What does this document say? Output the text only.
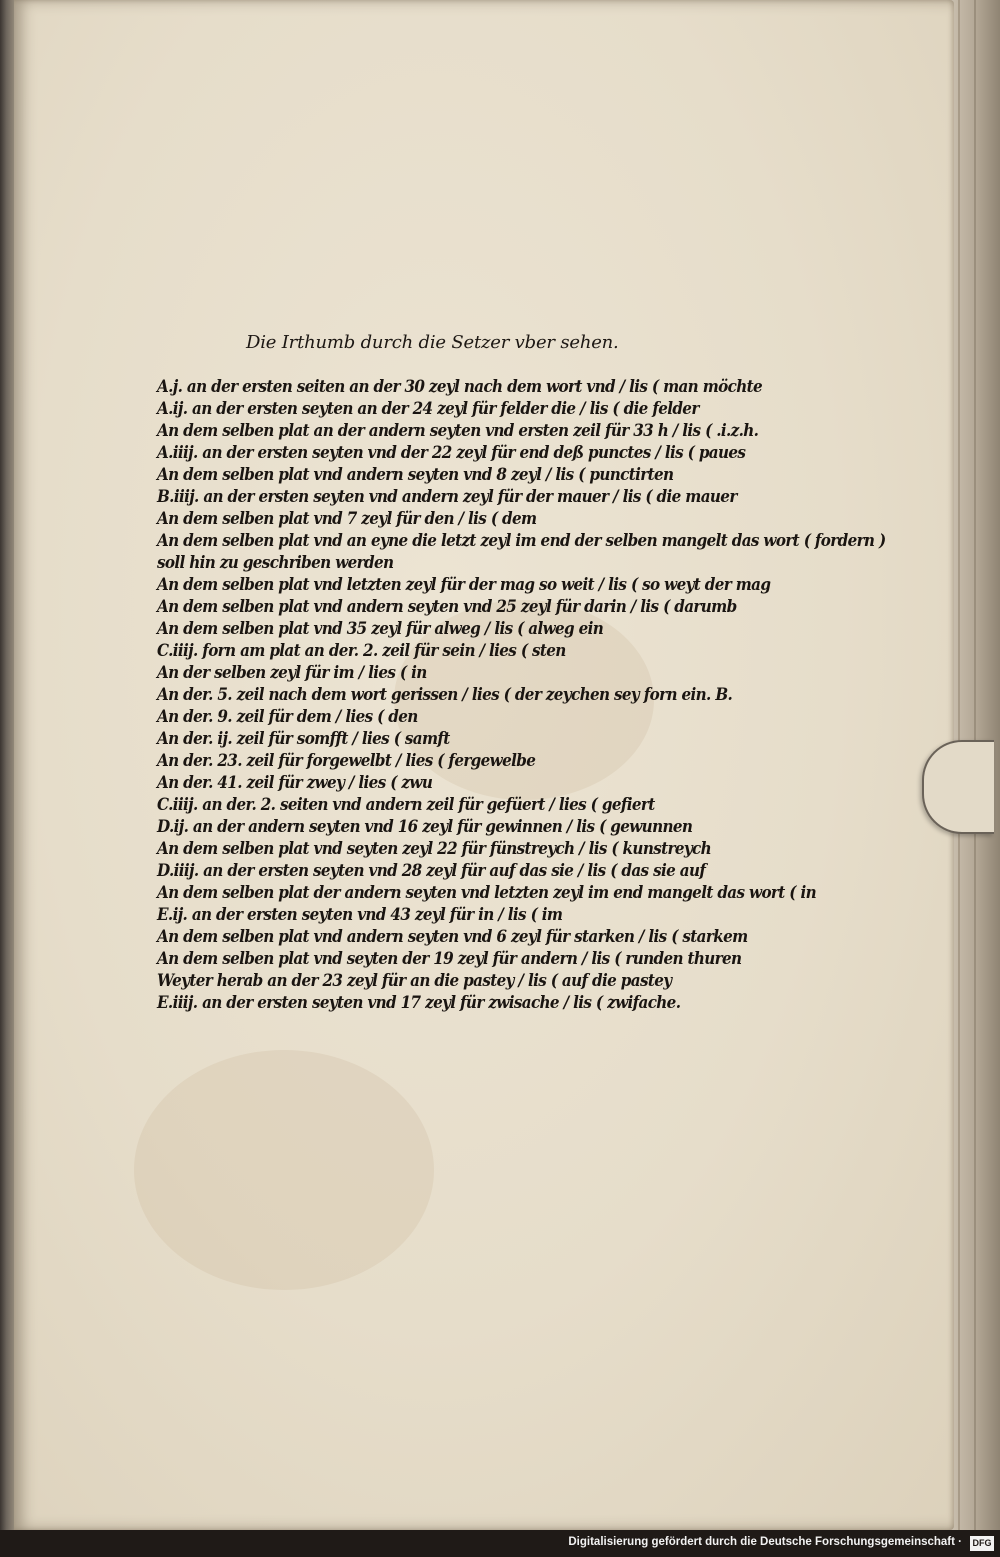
Die Irthumb durch die Setzer vber sehen.
A.j. an der ersten seiten an der 30 zeyl nach dem wort vnd / lis ( man möchte
A.ij. an der ersten seyten an der 24 zeyl für felder die / lis ( die felder
An dem selben plat an der andern seyten vnd ersten zeil für 33 h / lis ( .i.z.h.
A.iiij. an der ersten seyten vnd der 22 zeyl für end deß punctes / lis ( paues
An dem selben plat vnd andern seyten vnd 8 zeyl / lis ( punctirten
B.iiij. an der ersten seyten vnd andern zeyl für der mauer / lis ( die mauer
An dem selben plat vnd 7 zeyl für den / lis ( dem
An dem selben plat vnd an eyne die letzt zeyl im end der selben mangelt das wort ( fordern )
soll hin zu geschriben werden
An dem selben plat vnd letzten zeyl für der mag so weit / lis ( so weyt der mag
An dem selben plat vnd andern seyten vnd 25 zeyl für darin / lis ( darumb
An dem selben plat vnd 35 zeyl für alweg / lis ( alweg ein
C.iiij. forn am plat an der. 2. zeil für sein / lies ( sten
An der selben zeyl für im / lies ( in
An der. 5. zeil nach dem wort gerissen / lies ( der zeychen sey forn ein. B.
An der. 9. zeil für dem / lies ( den
An der. ij. zeil für somfft / lies ( samft
An der. 23. zeil für forgewelbt / lies ( fergewelbe
An der. 41. zeil für zwey / lies ( zwu
C.iiij. an der. 2. seiten vnd andern zeil für gefüert / lies ( gefiert
D.ij. an der andern seyten vnd 16 zeyl für gewinnen / lis ( gewunnen
An dem selben plat vnd seyten zeyl 22 für fünstreych / lis ( kunstreych
D.iiij. an der ersten seyten vnd 28 zeyl für auf das sie / lis ( das sie auf
An dem selben plat der andern seyten vnd letzten zeyl im end mangelt das wort ( in
E.ij. an der ersten seyten vnd 43 zeyl für in / lis ( im
An dem selben plat vnd andern seyten vnd 6 zeyl für starken / lis ( starkem
An dem selben plat vnd seyten der 19 zeyl für andern / lis ( runden thuren
Weyter herab an der 23 zeyl für an die pastey / lis ( auf die pastey
E.iiij. an der ersten seyten vnd 17 zeyl für zwisache / lis ( zwifache.
Digitalisierung gefördert durch die Deutsche Forschungsgemeinschaft · DFG
